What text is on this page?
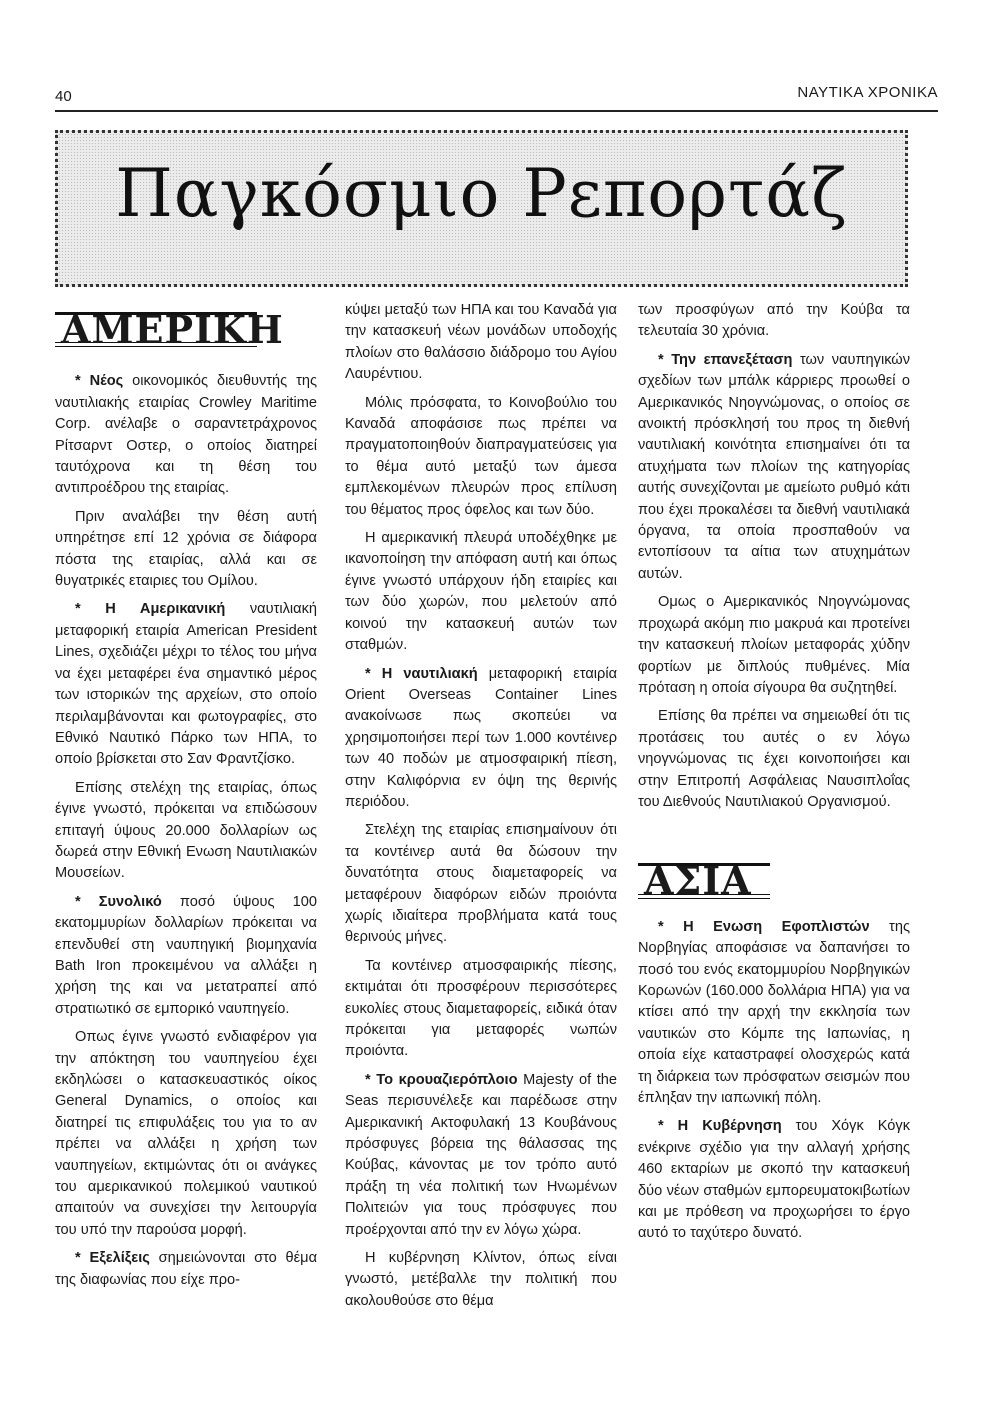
40	ΝΑΥΤΙΚΑ ΧΡΟΝΙΚΑ
Παγκόσμιο Ρεπορτάζ
ΑΜΕΡΙΚΗ

* Νέος οικονομικός διευθυντής της ναυτιλιακής εταιρίας Crowley Maritime Corp. ανέλαβε ο σαραντετράχρονος Ρίτσαρντ Οστερ, ο οποίος διατηρεί ταυτόχρονα και τη θέση του αντιπροέδρου της εταιρίας.

Πριν αναλάβει την θέση αυτή υπηρέτησε επί 12 χρόνια σε διάφορα πόστα της εταιρίας, αλλά και σε θυγατρικές εταιριες του Ομίλου.

* Η Αμερικανική ναυτιλιακή μεταφορική εταιρία American President Lines, σχεδιάζει μέχρι το τέλος του μήνα να έχει μεταφέρει ένα σημαντικό μέρος των ιστορικών της αρχείων, στο οποίο περιλαμβάνονται και φωτογραφίες, στο Εθνικό Ναυτικό Πάρκο των ΗΠΑ, το οποίο βρίσκεται στο Σαν Φραντζίσκο.

Επίσης στελέχη της εταιρίας, όπως έγινε γνωστό, πρόκειται να επιδώσουν επιταγή ύψους 20.000 δολλαρίων ως δωρεά στην Εθνική Ενωση Ναυτιλιακών Μουσείων.

* Συνολικό ποσό ύψους 100 εκατομμυρίων δολλαρίων πρόκειται να επενδυθεί στη ναυπηγική βιομηχανία Bath Iron προκειμένου να αλλάξει η χρήση της και να μετατραπεί από στρατιωτικό σε εμπορικό ναυπηγείο.

Οπως έγινε γνωστό ενδιαφέρον για την απόκτηση του ναυπηγείου έχει εκδηλώσει ο κατασκευαστικός οίκος General Dynamics, ο οποίος και διατηρεί τις επιφυλάξεις του για το αν πρέπει να αλλάξει η χρήση των ναυπηγείων, εκτιμώντας ότι οι ανάγκες του αμερικανικού πολεμικού ναυτικού απαιτούν να συνεχίσει την λειτουργία του υπό την παρούσα μορφή.

* Εξελίξεις σημειώνονται στο θέμα της διαφωνίας που είχε προ-

κύψει μεταξύ των ΗΠΑ και του Καναδά για την κατασκευή νέων μονάδων υποδοχής πλοίων στο θαλάσσιο διάδρομο του Αγίου Λαυρέντιου.

Μόλις πρόσφατα, το Κοινοβούλιο του Καναδά αποφάσισε πως πρέπει να πραγματοποιηθούν διαπραγματεύσεις για το θέμα αυτό μεταξύ των άμεσα εμπλεκομένων πλευρών προς επίλυση του θέματος προς όφελος και των δύο.

Η αμερικανική πλευρά υποδέχθηκε με ικανοποίηση την απόφαση αυτή και όπως έγινε γνωστό υπάρχουν ήδη εταιρίες και των δύο χωρών, που μελετούν από κοινού την κατασκευή αυτών των σταθμών.

* Η ναυτιλιακή μεταφορική εταιρία Orient Overseas Container Lines ανακοίνωσε πως σκοπεύει να χρησιμοποιήσει περί των 1.000 κοντέινερ των 40 ποδών με ατμοσφαιρική πίεση, στην Καλιφόρνια εν όψη της θερινής περιόδου.

Στελέχη της εταιρίας επισημαίνουν ότι τα κοντέινερ αυτά θα δώσουν την δυνατότητα στους διαμεταφορείς να μεταφέρουν διαφόρων ειδών προιόντα χωρίς ιδιαίτερα προβλήματα κατά τους θερινούς μήνες.

Τα κοντέινερ ατμοσφαιρικής πίεσης, εκτιμάται ότι προσφέρουν περισσότερες ευκολίες στους διαμεταφορείς, ειδικά όταν πρόκειται για μεταφορές νωπών προιόντα.

* Το κρουαζιερόπλοιο Majesty of the Seas περισυνέλεξε και παρέδωσε στην Αμερικανική Ακτοφυλακή 13 Κουβάνους πρόσφυγες βόρεια της θάλασσας της Κούβας, κάνοντας με τον τρόπο αυτό πράξη τη νέα πολιτική των Ηνωμένων Πολιτειών για τους πρόσφυγες που προέρχονται από την εν λόγω χώρα.

Η κυβέρνηση Κλίντον, όπως είναι γνωστό, μετέβαλλε την πολιτική που ακολουθούσε στο θέμα

των προσφύγων από την Κούβα τα τελευταία 30 χρόνια.

* Την επανεξέταση των ναυπηγικών σχεδίων των μπάλκ κάρριερς προωθεί ο Αμερικανικός Νηογνώμονας, ο οποίος σε ανοικτή πρόσκλησή του προς τη διεθνή ναυτιλιακή κοινότητα επισημαίνει ότι τα ατυχήματα των πλοίων της κατηγορίας αυτής συνεχίζονται με αμείωτο ρυθμό κάτι που έχει προκαλέσει τα διεθνή ναυτιλιακά όργανα, τα οποία προσπαθούν να εντοπίσουν τα αίτια των ατυχημάτων αυτών.

Ομως ο Αμερικανικός Νηογνώμονας προχωρά ακόμη πιο μακρυά και προτείνει την κατασκευή πλοίων μεταφοράς χύδην φορτίων με διπλούς πυθμένες. Μία πρόταση η οποία σίγουρα θα συζητηθεί.

Επίσης θα πρέπει να σημειωθεί ότι τις προτάσεις του αυτές ο εν λόγω νηογνώμονας τις έχει κοινοποιήσει και στην Επιτροπή Ασφάλειας Ναυσιπλοΐας του Διεθνούς Ναυτιλιακού Οργανισμού.

ΑΣΙΑ

* Η Ενωση Εφοπλιστών της Νορβηγίας αποφάσισε να δαπανήσει το ποσό του ενός εκατομμυρίου Νορβηγικών Κορωνών (160.000 δολλάρια ΗΠΑ) για να κτίσει από την αρχή την εκκλησία των ναυτικών στο Κόμπε της Ιαπωνίας, η οποία είχε καταστραφεί ολοσχερώς κατά τη διάρκεια των πρόσφατων σεισμών που έπληξαν την ιαπωνική πόλη.

* Η Κυβέρνηση του Χόγκ Κόγκ ενέκρινε σχέδιο για την αλλαγή χρήσης 460 εκταρίων με σκοπό την κατασκευή δύο νέων σταθμών εμπορευματοκιβωτίων και με πρόθεση να προχωρήσει το έργο αυτό το ταχύτερο δυνατό.
